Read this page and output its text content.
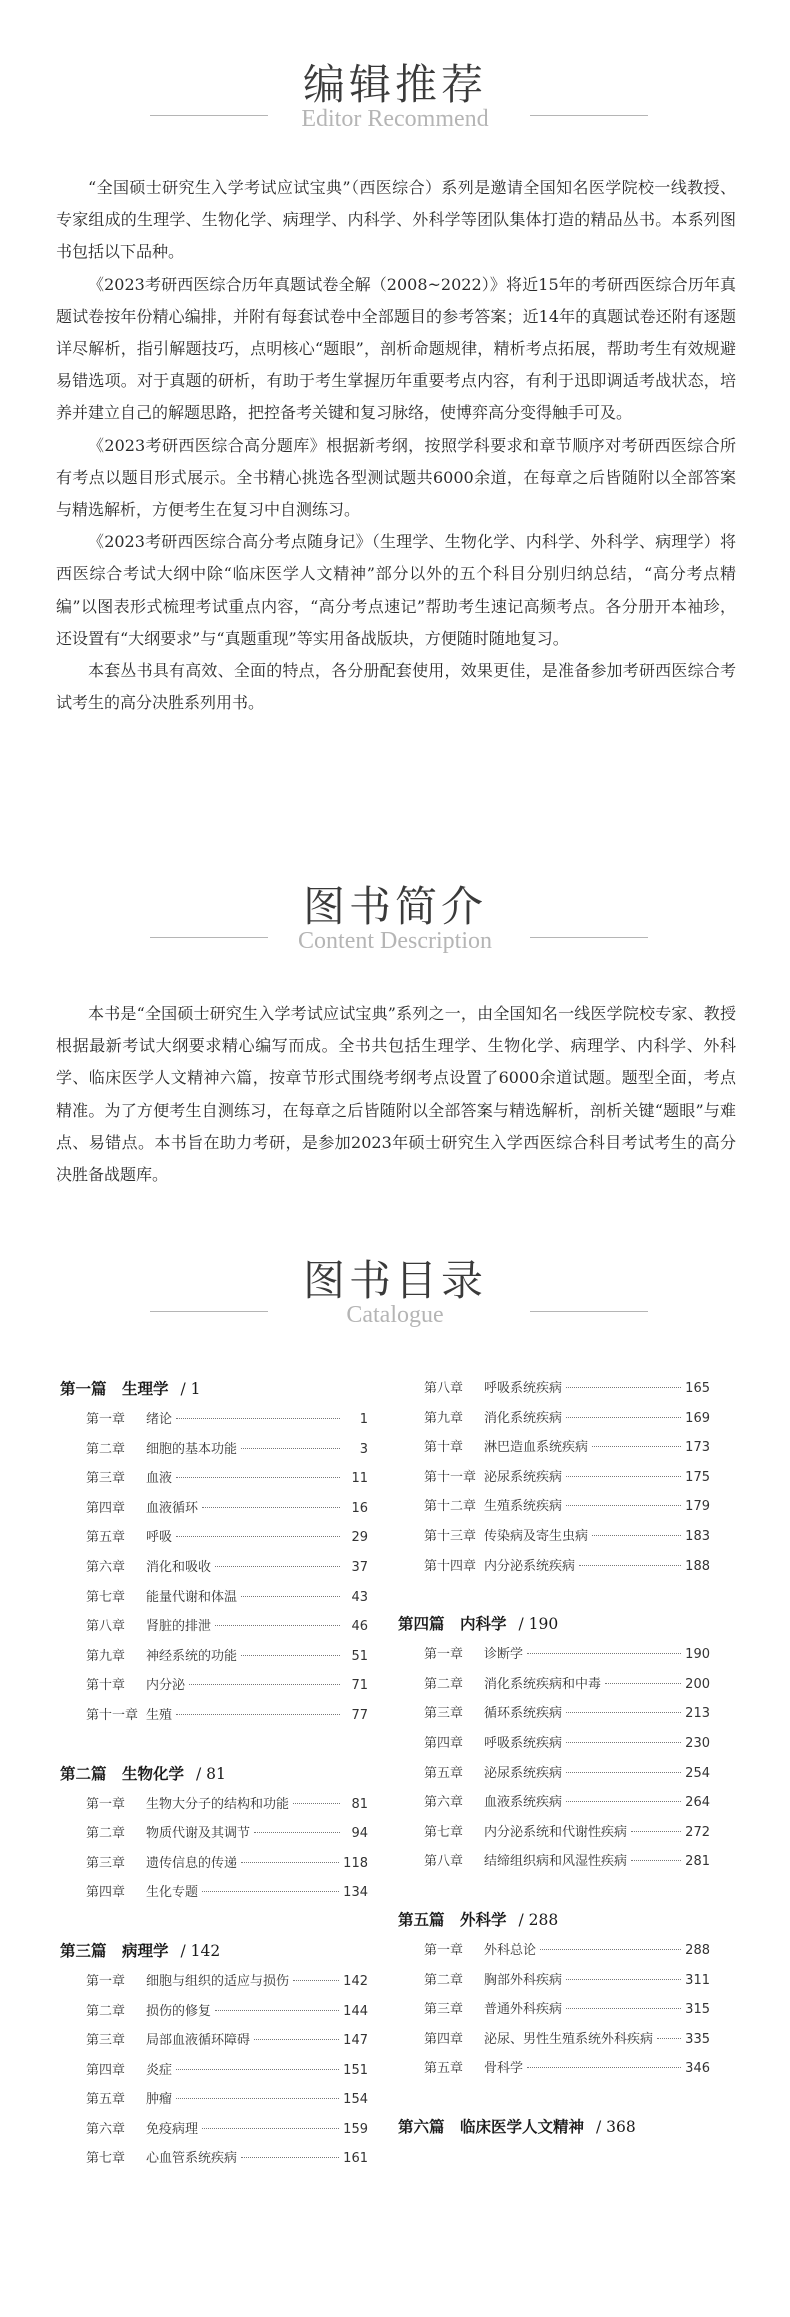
编辑推荐
Editor Recommend

“全国硕士研究生入学考试应试宝典”（西医综合）系列是邀请全国知名医学院校一线教授、专家组成的生理学、生物化学、病理学、内科学、外科学等团队集体打造的精品丛书。本系列图书包括以下品种。

《2023考研西医综合历年真题试卷全解（2008~2022）》将近15年的考研西医综合历年真题试卷按年份精心编排，并附有每套试卷中全部题目的参考答案；近14年的真题试卷还附有逐题详尽解析，指引解题技巧，点明核心“题眼”，剖析命题规律，精析考点拓展，帮助考生有效规避易错选项。对于真题的研析，有助于考生掌握历年重要考点内容，有利于迅即调适考战状态，培养并建立自己的解题思路，把控备考关键和复习脉络，使博弈高分变得触手可及。

《2023考研西医综合高分题库》根据新考纲，按照学科要求和章节顺序对考研西医综合所有考点以题目形式展示。全书精心挑选各型测试题共6000余道，在每章之后皆随附以全部答案与精选解析，方便考生在复习中自测练习。

《2023考研西医综合高分考点随身记》（生理学、生物化学、内科学、外科学、病理学）将西医综合考试大纲中除“临床医学人文精神”部分以外的五个科目分别归纳总结，“高分考点精编”以图表形式梳理考试重点内容，“高分考点速记”帮助考生速记高频考点。各分册开本袖珍，还设置有“大纲要求”与“真题重现”等实用备战版块，方便随时随地复习。

本套丛书具有高效、全面的特点，各分册配套使用，效果更佳，是准备参加考研西医综合考试考生的高分决胜系列用书。

图书简介
Content Description

本书是“全国硕士研究生入学考试应试宝典”系列之一，由全国知名一线医学院校专家、教授根据最新考试大纲要求精心编写而成。全书共包括生理学、生物化学、病理学、内科学、外科学、临床医学人文精神六篇，按章节形式围绕考纲考点设置了6000余道试题。题型全面，考点精准。为了方便考生自测练习，在每章之后皆随附以全部答案与精选解析，剖析关键“题眼”与难点、易错点。本书旨在助力考研，是参加2023年硕士研究生入学西医综合科目考试考生的高分决胜备战题库。

图书目录
Catalogue
第一篇　生理学 / 1
第一章	绪论	1
第二章	细胞的基本功能	3
第三章	血液	11
第四章	血液循环	16
第五章	呼吸	29
第六章	消化和吸收	37
第七章	能量代谢和体温	43
第八章	肾脏的排泄	46
第九章	神经系统的功能	51
第十章	内分泌	71
第十一章 生殖	77
第二篇　生物化学 / 81
第一章	生物大分子的结构和功能	81
第二章	物质代谢及其调节	94
第三章	遗传信息的传递	118
第四章	生化专题	134
第三篇　病理学 / 142
第一章	细胞与组织的适应与损伤	142
第二章	损伤的修复	144
第三章	局部血液循环障碍	147
第四章	炎症	151
第五章	肿瘤	154
第六章	免疫病理	159
第七章	心血管系统疾病	161
第八章	呼吸系统疾病	165
第九章	消化系统疾病	169
第十章	淋巴造血系统疾病	173
第十一章 泌尿系统疾病	175
第十二章 生殖系统疾病	179
第十三章 传染病及寄生虫病	183
第十四章 内分泌系统疾病	188
第四篇　内科学 / 190
第一章	诊断学	190
第二章	消化系统疾病和中毒	200
第三章	循环系统疾病	213
第四章	呼吸系统疾病	230
第五章	泌尿系统疾病	254
第六章	血液系统疾病	264
第七章	内分泌系统和代谢性疾病	272
第八章	结缔组织病和风湿性疾病	281
第五篇　外科学 / 288
第一章	外科总论	288
第二章	胸部外科疾病	311
第三章	普通外科疾病	315
第四章	泌尿、男性生殖系统外科疾病 335
第五章	骨科学	346
第六篇　临床医学人文精神 / 368
